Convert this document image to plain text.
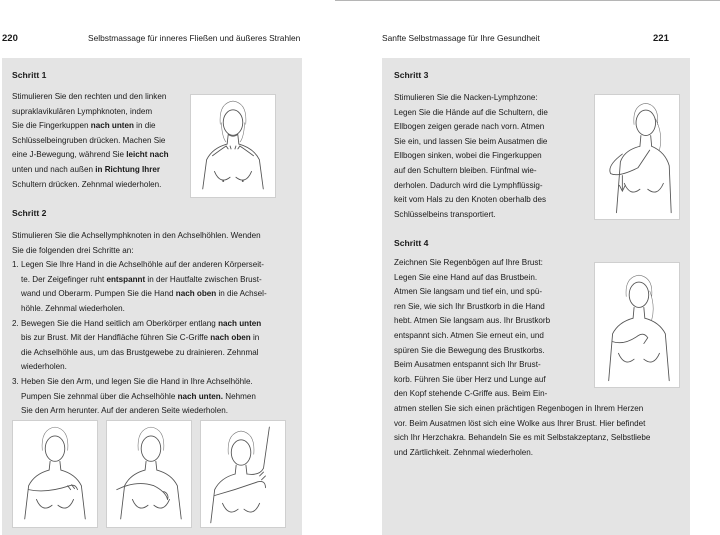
220	Selbstmassage für inneres Fließen und äußeres Strahlen
Schritt 1
Stimulieren Sie den rechten und den linken
supraklavikulären Lymphknoten, indem
Sie die Fingerkuppen nach unten in die
Schlüsselbeingruben drücken. Machen Sie
eine J-Bewegung, während Sie leicht nach
unten und nach außen in Richtung Ihrer
Schultern drücken. Zehnmal wiederholen.
Schritt 2
Stimulieren Sie die Achsellymphknoten in den Achselhöhlen. Wenden
Sie die folgenden drei Schritte an:
1. Legen Sie Ihre Hand in die Achselhöhle auf der anderen Körperseit-
te. Der Zeigefinger ruht entspannt in der Hautfalte zwischen Brust-
wand und Oberarm. Pumpen Sie die Hand nach oben in die Achsel-
höhle. Zehnmal wiederholen.
2. Bewegen Sie die Hand seitlich am Oberkörper entlang nach unten
bis zur Brust. Mit der Handfläche führen Sie C-Griffe nach oben in
die Achselhöhle aus, um das Brustgewebe zu drainieren. Zehnmal
wiederholen.
3. Heben Sie den Arm, und legen Sie die Hand in Ihre Achselhöhle.
Pumpen Sie zehnmal über die Achselhöhle nach unten. Nehmen
Sie den Arm herunter. Auf der anderen Seite wiederholen.
Sanfte Selbstmassage für Ihre Gesundheit	221
Schritt 3
Stimulieren Sie die Nacken-Lymphzone:
Legen Sie die Hände auf die Schultern, die
Ellbogen zeigen gerade nach vorn. Atmen
Sie ein, und lassen Sie beim Ausatmen die
Ellbogen sinken, wobei die Fingerkuppen
auf den Schultern bleiben. Fünfmal wie-
derholen. Dadurch wird die Lymphflüssig-
keit vom Hals zu den Knoten oberhalb des
Schlüsselbeins transportiert.
Schritt 4
Zeichnen Sie Regenbögen auf Ihre Brust:
Legen Sie eine Hand auf das Brustbein.
Atmen Sie langsam und tief ein, und spü-
ren Sie, wie sich Ihr Brustkorb in die Hand
hebt. Atmen Sie langsam aus. Ihr Brustkorb
entspannt sich. Atmen Sie erneut ein, und
spüren Sie die Bewegung des Brustkorbs.
Beim Ausatmen entspannt sich Ihr Brust-
korb. Führen Sie über Herz und Lunge auf
den Kopf stehende C-Griffe aus. Beim Ein-
atmen stellen Sie sich einen prächtigen Regenbogen in Ihrem Herzen
vor. Beim Ausatmen löst sich eine Wolke aus Ihrer Brust. Hier befindet
sich Ihr Herzchakra. Behandeln Sie es mit Selbstakzeptanz, Selbstliebe
und Zärtlichkeit. Zehnmal wiederholen.
